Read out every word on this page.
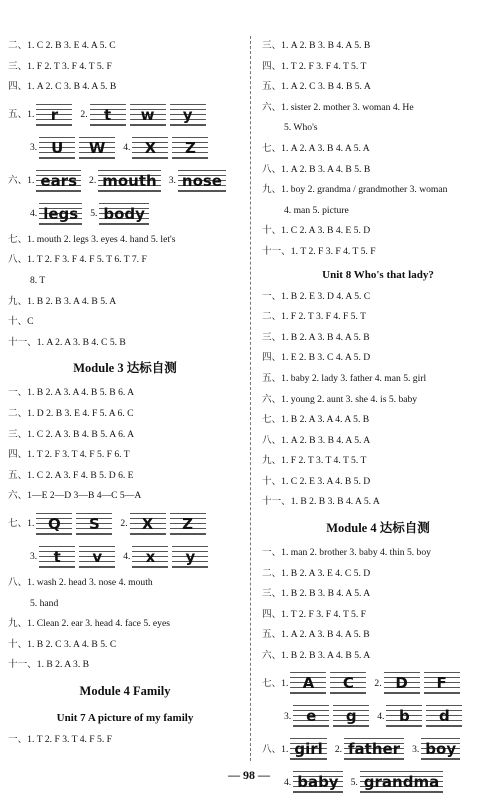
二、1. C 2. B 3. E 4. A 5. C
三、1. F 2. T 3. F 4. T 5. F
四、1. A 2. C 3. B 4. A 5. B
五、1. r 2. t w y
3. U W 4. X Z
六、1. ears 2. mouth 3. nose
4. legs 5. body
七、1. mouth 2. legs 3. eyes 4. hand 5. let's
八、1. T 2. F 3. F 4. F 5. T 6. T 7. F
8. T
九、1. B 2. B 3. A 4. B 5. A
十、C
十一、1. A 2. A 3. B 4. C 5. B
Module 3 达标自测
一、1. B 2. A 3. A 4. B 5. B 6. A
二、1. D 2. B 3. E 4. F 5. A 6. C
三、1. C 2. A 3. B 4. B 5. A 6. A
四、1. T 2. F 3. T 4. F 5. F 6. T
五、1. C 2. A 3. F 4. B 5. D 6. E
六、1—E 2—D 3—B 4—C 5—A
七、1. Q S 2. X Z
3. t v 4. x y
八、1. wash 2. head 3. nose 4. mouth
5. hand
九、1. Clean 2. ear 3. head 4. face 5. eyes
十、1. B 2. C 3. A 4. B 5. C
十一、1. B 2. A 3. B
Module 4 Family
Unit 7 A picture of my family
一、1. T 2. F 3. T 4. F 5. F
三、1. A 2. B 3. B 4. A 5. B
四、1. T 2. F 3. F 4. T 5. T
五、1. A 2. C 3. B 4. B 5. A
六、1. sister 2. mother 3. woman 4. He
5. Who's
七、1. A 2. A 3. B 4. A 5. A
八、1. A 2. B 3. A 4. B 5. B
九、1. boy 2. grandma / grandmother 3. woman
4. man 5. picture
十、1. C 2. A 3. B 4. E 5. D
十一、1. T 2. F 3. F 4. T 5. F
Unit 8 Who's that lady?
一、1. B 2. E 3. D 4. A 5. C
二、1. F 2. T 3. F 4. F 5. T
三、1. B 2. A 3. B 4. A 5. B
四、1. E 2. B 3. C 4. A 5. D
五、1. baby 2. lady 3. father 4. man 5. girl
六、1. young 2. aunt 3. she 4. is 5. baby
七、1. B 2. A 3. A 4. A 5. B
八、1. A 2. B 3. B 4. A 5. A
九、1. F 2. T 3. T 4. T 5. T
十、1. C 2. E 3. A 4. B 5. D
十一、1. B 2. B 3. B 4. A 5. A
Module 4 达标自测
一、1. man 2. brother 3. baby 4. thin 5. boy
二、1. B 2. A 3. E 4. C 5. D
三、1. B 2. B 3. B 4. A 5. A
四、1. T 2. F 3. F 4. T 5. F
五、1. A 2. A 3. B 4. A 5. B
六、1. B 2. B 3. A 4. B 5. A
七、1. A C 2. D F
3. e g 4. b d
八、1. girl 2. father 3. boy
4. baby 5. grandma
— 98 —
